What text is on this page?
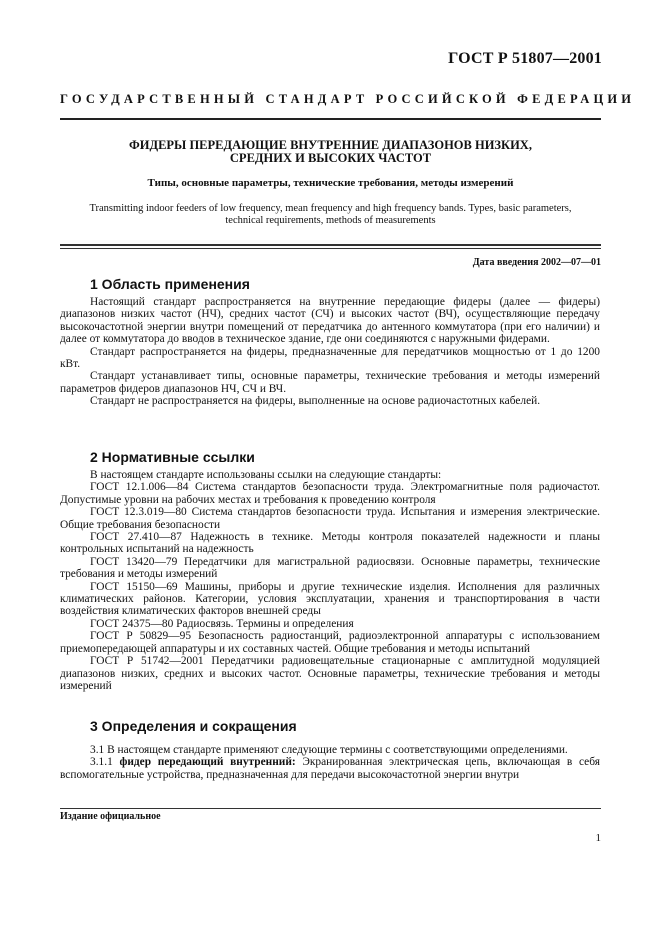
ГОСТ Р 51807—2001
ГОСУДАРСТВЕННЫЙ СТАНДАРТ РОССИЙСКОЙ ФЕДЕРАЦИИ
ФИДЕРЫ ПЕРЕДАЮЩИЕ ВНУТРЕННИЕ ДИАПАЗОНОВ НИЗКИХ,
СРЕДНИХ И ВЫСОКИХ ЧАСТОТ
Типы, основные параметры, технические требования, методы измерений
Transmitting indoor feeders of low frequency, mean frequency and high frequency bands. Types, basic parameters,
technical requirements, methods of measurements
Дата введения 2002—07—01
1 Область применения

Настоящий стандарт распространяется на внутренние передающие фидеры (далее — фидеры) диапазонов низких частот (НЧ), средних частот (СЧ) и высоких частот (ВЧ), осуществляющие передачу высокочастотной энергии внутри помещений от передатчика до антенного коммутатора (при его наличии) и далее от коммутатора до вводов в техническое здание, где они соединяются с наружными фидерами.

Стандарт распространяется на фидеры, предназначенные для передатчиков мощностью от 1 до 1200 кВт.

Стандарт устанавливает типы, основные параметры, технические требования и методы измерений параметров фидеров диапазонов НЧ, СЧ и ВЧ.

Стандарт не распространяется на фидеры, выполненные на основе радиочастотных кабелей.

2 Нормативные ссылки

В настоящем стандарте использованы ссылки на следующие стандарты:

ГОСТ 12.1.006—84 Система стандартов безопасности труда. Электромагнитные поля радиочастот. Допустимые уровни на рабочих местах и требования к проведению контроля

ГОСТ 12.3.019—80 Система стандартов безопасности труда. Испытания и измерения электрические. Общие требования безопасности

ГОСТ 27.410—87 Надежность в технике. Методы контроля показателей надежности и планы контрольных испытаний на надежность

ГОСТ 13420—79 Передатчики для магистральной радиосвязи. Основные параметры, технические требования и методы измерений

ГОСТ 15150—69 Машины, приборы и другие технические изделия. Исполнения для различных климатических районов. Категории, условия эксплуатации, хранения и транспортирования в части воздействия климатических факторов внешней среды

ГОСТ 24375—80 Радиосвязь. Термины и определения

ГОСТ Р 50829—95 Безопасность радиостанций, радиоэлектронной аппаратуры с использованием приемопередающей аппаратуры и их составных частей. Общие требования и методы испытаний

ГОСТ Р 51742—2001 Передатчики радиовещательные стационарные с амплитудной модуляцией диапазонов низких, средних и высоких частот. Основные параметры, технические требования и методы измерений

3 Определения и сокращения

3.1 В настоящем стандарте применяют следующие термины с соответствующими определениями.

3.1.1 фидер передающий внутренний: Экранированная электрическая цепь, включающая в себя вспомогательные устройства, предназначенная для передачи высокочастотной энергии внутри

Издание официальное
1
